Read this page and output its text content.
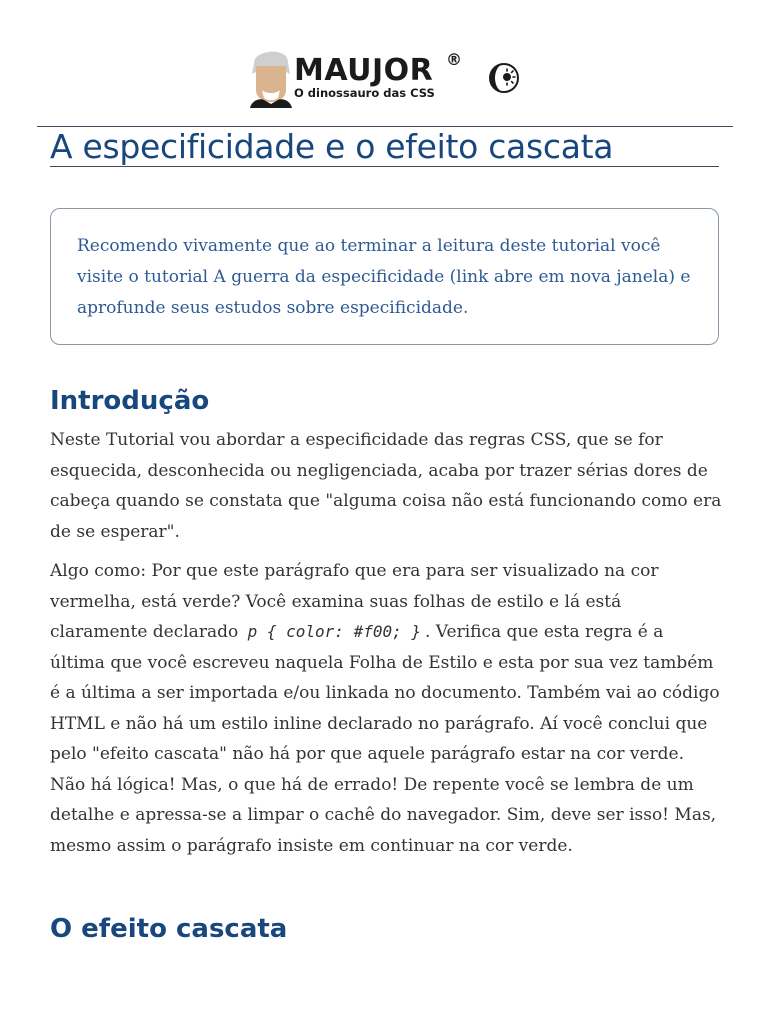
MAUJOR ®
O dinossauro das CSS
A especificidade e o efeito cascata
Recomendo vivamente que ao terminar a leitura deste tutorial você visite o tutorial A guerra da especificidade (link abre em nova janela) e aprofunde seus estudos sobre especificidade.
Introdução

Neste Tutorial vou abordar a especificidade das regras CSS, que se for esquecida, desconhecida ou negligenciada, acaba por trazer sérias dores de cabeça quando se constata que "alguma coisa não está funcionando como era de se esperar".

Algo como: Por que este parágrafo que era para ser visualizado na cor vermelha, está verde? Você examina suas folhas de estilo e lá está claramente declarado p { color: #f00; } . Verifica que esta regra é a última que você escreveu naquela Folha de Estilo e esta por sua vez também é a última a ser importada e/ou linkada no documento. Também vai ao código HTML e não há um estilo inline declarado no parágrafo. Aí você conclui que pelo "efeito cascata" não há por que aquele parágrafo estar na cor verde. Não há lógica! Mas, o que há de errado! De repente você se lembra de um detalhe e apressa-se a limpar o cachê do navegador. Sim, deve ser isso! Mas, mesmo assim o parágrafo insiste em continuar na cor verde.

O efeito cascata
